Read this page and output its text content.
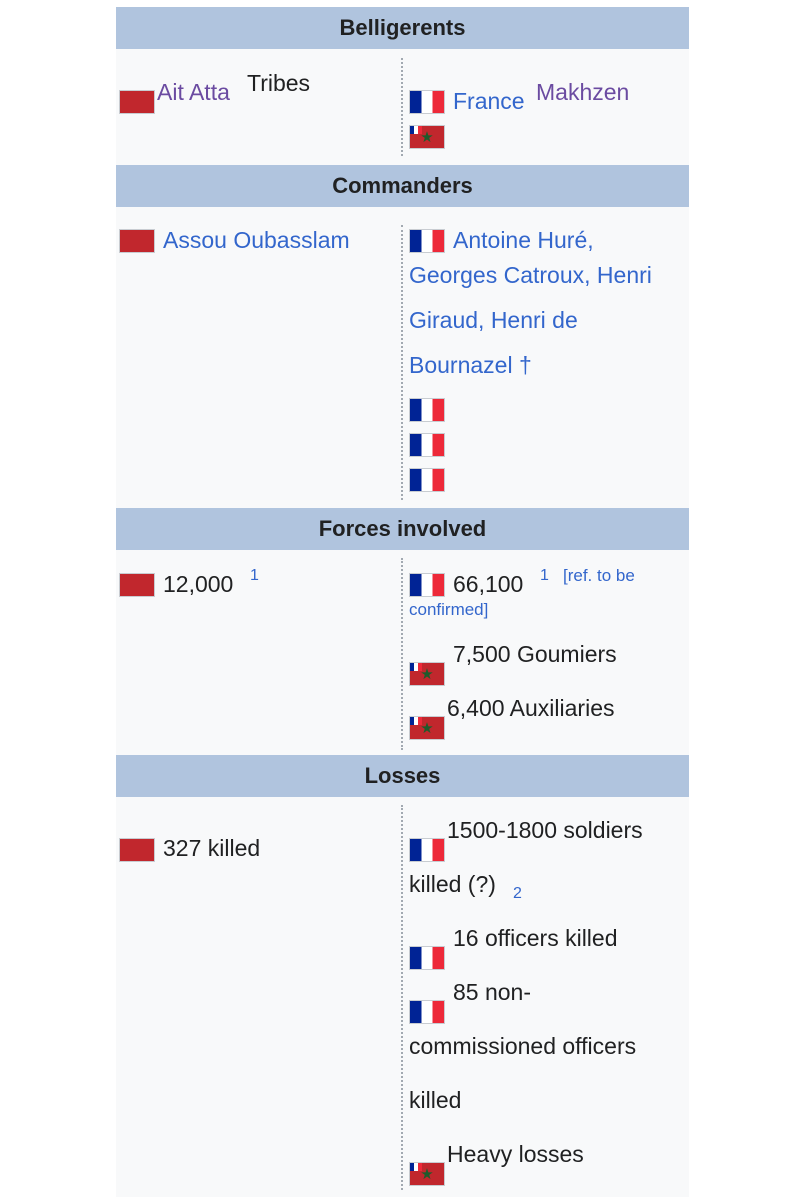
Belligerents
Ait Atta Tribes
France Makhzen
★
Commanders
Assou Oubasslam	Antoine Huré,
Georges Catroux, Henri
Giraud, Henri de
Bournazel †
Forces involved
12,000 1	66,100 1 [ref. to be
confirmed]
★
7,500 Goumiers
★
6,400 Auxiliaries
Losses
327 killed
1500-1800 soldiers
killed (?) 2
16 officers killed
85 non-
commissioned officers
killed
★
Heavy losses
